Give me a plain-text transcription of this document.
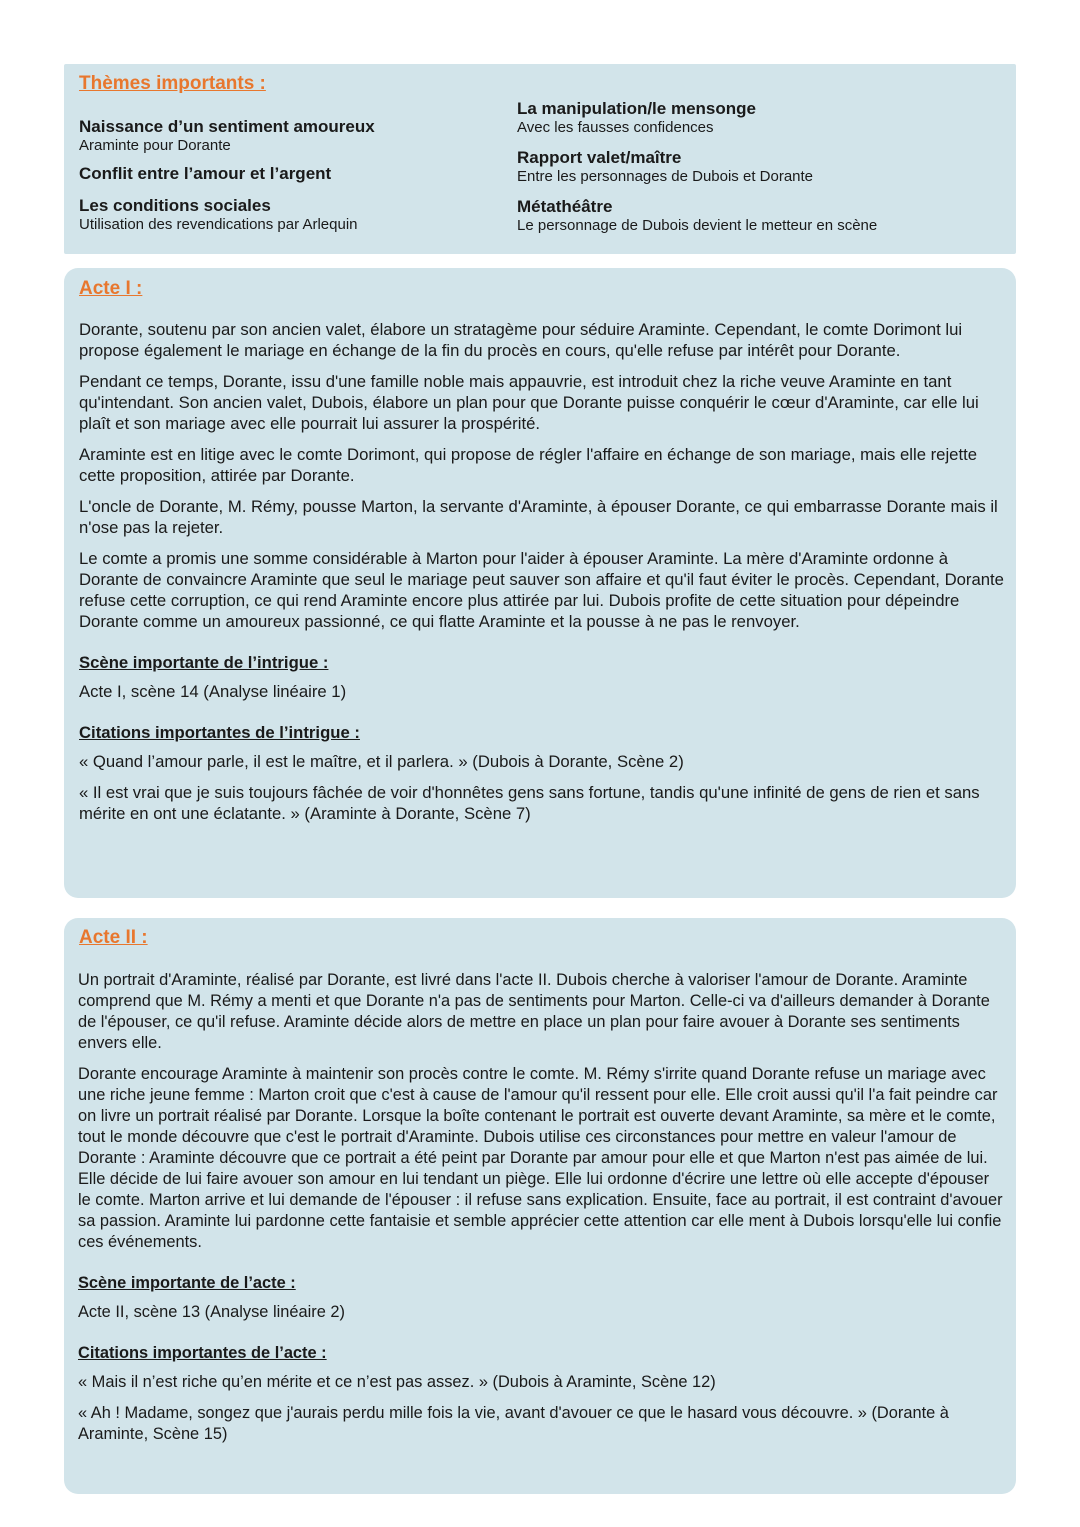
Thèmes importants :
Naissance d’un sentiment amoureux
Araminte pour Dorante
Conflit entre l’amour et l’argent
Les conditions sociales
Utilisation des revendications par Arlequin
La manipulation/le mensonge
Avec les fausses confidences
Rapport valet/maître
Entre les personnages de Dubois et Dorante
Métathéâtre
Le personnage de Dubois devient le metteur en scène
Acte I :

Dorante, soutenu par son ancien valet, élabore un stratagème pour séduire Araminte. Cependant, le comte Dorimont lui propose également le mariage en échange de la fin du procès en cours, qu'elle refuse par intérêt pour Dorante.

Pendant ce temps, Dorante, issu d'une famille noble mais appauvrie, est introduit chez la riche veuve Araminte en tant qu'intendant. Son ancien valet, Dubois, élabore un plan pour que Dorante puisse conquérir le cœur d'Araminte, car elle lui plaît et son mariage avec elle pourrait lui assurer la prospérité.

Araminte est en litige avec le comte Dorimont, qui propose de régler l'affaire en échange de son mariage, mais elle rejette cette proposition, attirée par Dorante.

L'oncle de Dorante, M. Rémy, pousse Marton, la servante d'Araminte, à épouser Dorante, ce qui embarrasse Dorante mais il n'ose pas la rejeter.

Le comte a promis une somme considérable à Marton pour l'aider à épouser Araminte. La mère d'Araminte ordonne à Dorante de convaincre Araminte que seul le mariage peut sauver son affaire et qu'il faut éviter le procès. Cependant, Dorante refuse cette corruption, ce qui rend Araminte encore plus attirée par lui. Dubois profite de cette situation pour dépeindre Dorante comme un amoureux passionné, ce qui flatte Araminte et la pousse à ne pas le renvoyer.

Scène importante de l’intrigue :
Acte I, scène 14 (Analyse linéaire 1)
Citations importantes de l’intrigue :
« Quand l’amour parle, il est le maître, et il parlera. » (Dubois à Dorante, Scène 2)
« Il est vrai que je suis toujours fâchée de voir d'honnêtes gens sans fortune, tandis qu'une infinité de gens de rien et sans mérite en ont une éclatante. » (Araminte à Dorante, Scène 7)
Acte II :

Un portrait d'Araminte, réalisé par Dorante, est livré dans l'acte II. Dubois cherche à valoriser l'amour de Dorante. Araminte comprend que M. Rémy a menti et que Dorante n'a pas de sentiments pour Marton. Celle-ci va d'ailleurs demander à Dorante de l'épouser, ce qu'il refuse. Araminte décide alors de mettre en place un plan pour faire avouer à Dorante ses sentiments envers elle.

Dorante encourage Araminte à maintenir son procès contre le comte. M. Rémy s'irrite quand Dorante refuse un mariage avec une riche jeune femme : Marton croit que c'est à cause de l'amour qu'il ressent pour elle. Elle croit aussi qu'il l'a fait peindre car on livre un portrait réalisé par Dorante. Lorsque la boîte contenant le portrait est ouverte devant Araminte, sa mère et le comte, tout le monde découvre que c'est le portrait d'Araminte. Dubois utilise ces circonstances pour mettre en valeur l'amour de Dorante : Araminte découvre que ce portrait a été peint par Dorante par amour pour elle et que Marton n'est pas aimée de lui. Elle décide de lui faire avouer son amour en lui tendant un piège. Elle lui ordonne d'écrire une lettre où elle accepte d'épouser le comte. Marton arrive et lui demande de l'épouser : il refuse sans explication. Ensuite, face au portrait, il est contraint d'avouer sa passion. Araminte lui pardonne cette fantaisie et semble apprécier cette attention car elle ment à Dubois lorsqu'elle lui confie ces événements.

Scène importante de l’acte :
Acte II, scène 13 (Analyse linéaire 2)
Citations importantes de l’acte :
« Mais il n’est riche qu’en mérite et ce n’est pas assez. » (Dubois à Araminte, Scène 12)
« Ah ! Madame, songez que j'aurais perdu mille fois la vie, avant d'avouer ce que le hasard vous découvre. » (Dorante à Araminte, Scène 15)
